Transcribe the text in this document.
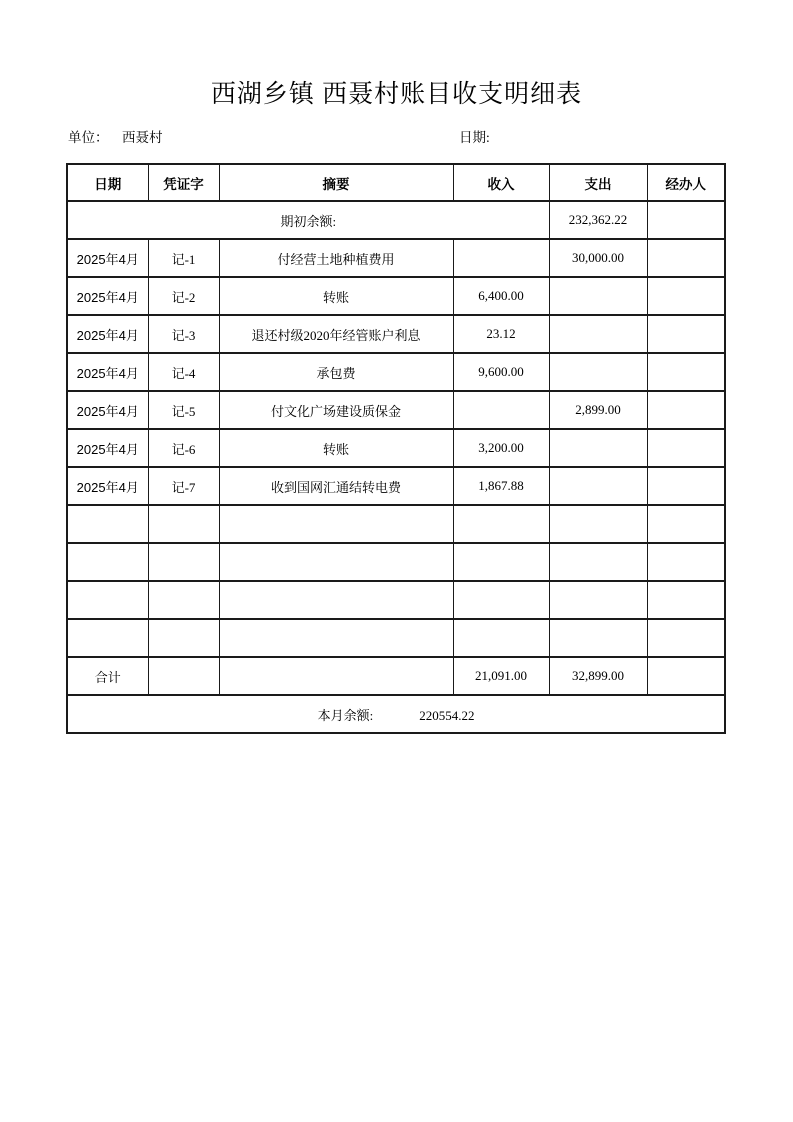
西湖乡镇 西聂村账目收支明细表
单位： 西聂村	日期:
日期	凭证字	摘要	收入	支出	经办人
期初余额:				232,362.22	
2025年4月	记-1	付经营土地种植费用		30,000.00	
2025年4月	记-2	转账	6,400.00		
2025年4月	记-3	退还村级2020年经管账户利息	23.12		
2025年4月	记-4	承包费	9,600.00		
2025年4月	记-5	付文化广场建设质保金		2,899.00	
2025年4月	记-6	转账	3,200.00		
2025年4月	记-7	收到国网汇通结转电费	1,867.88		

合计			21,091.00	32,899.00	
本月余额: 220554.22					
